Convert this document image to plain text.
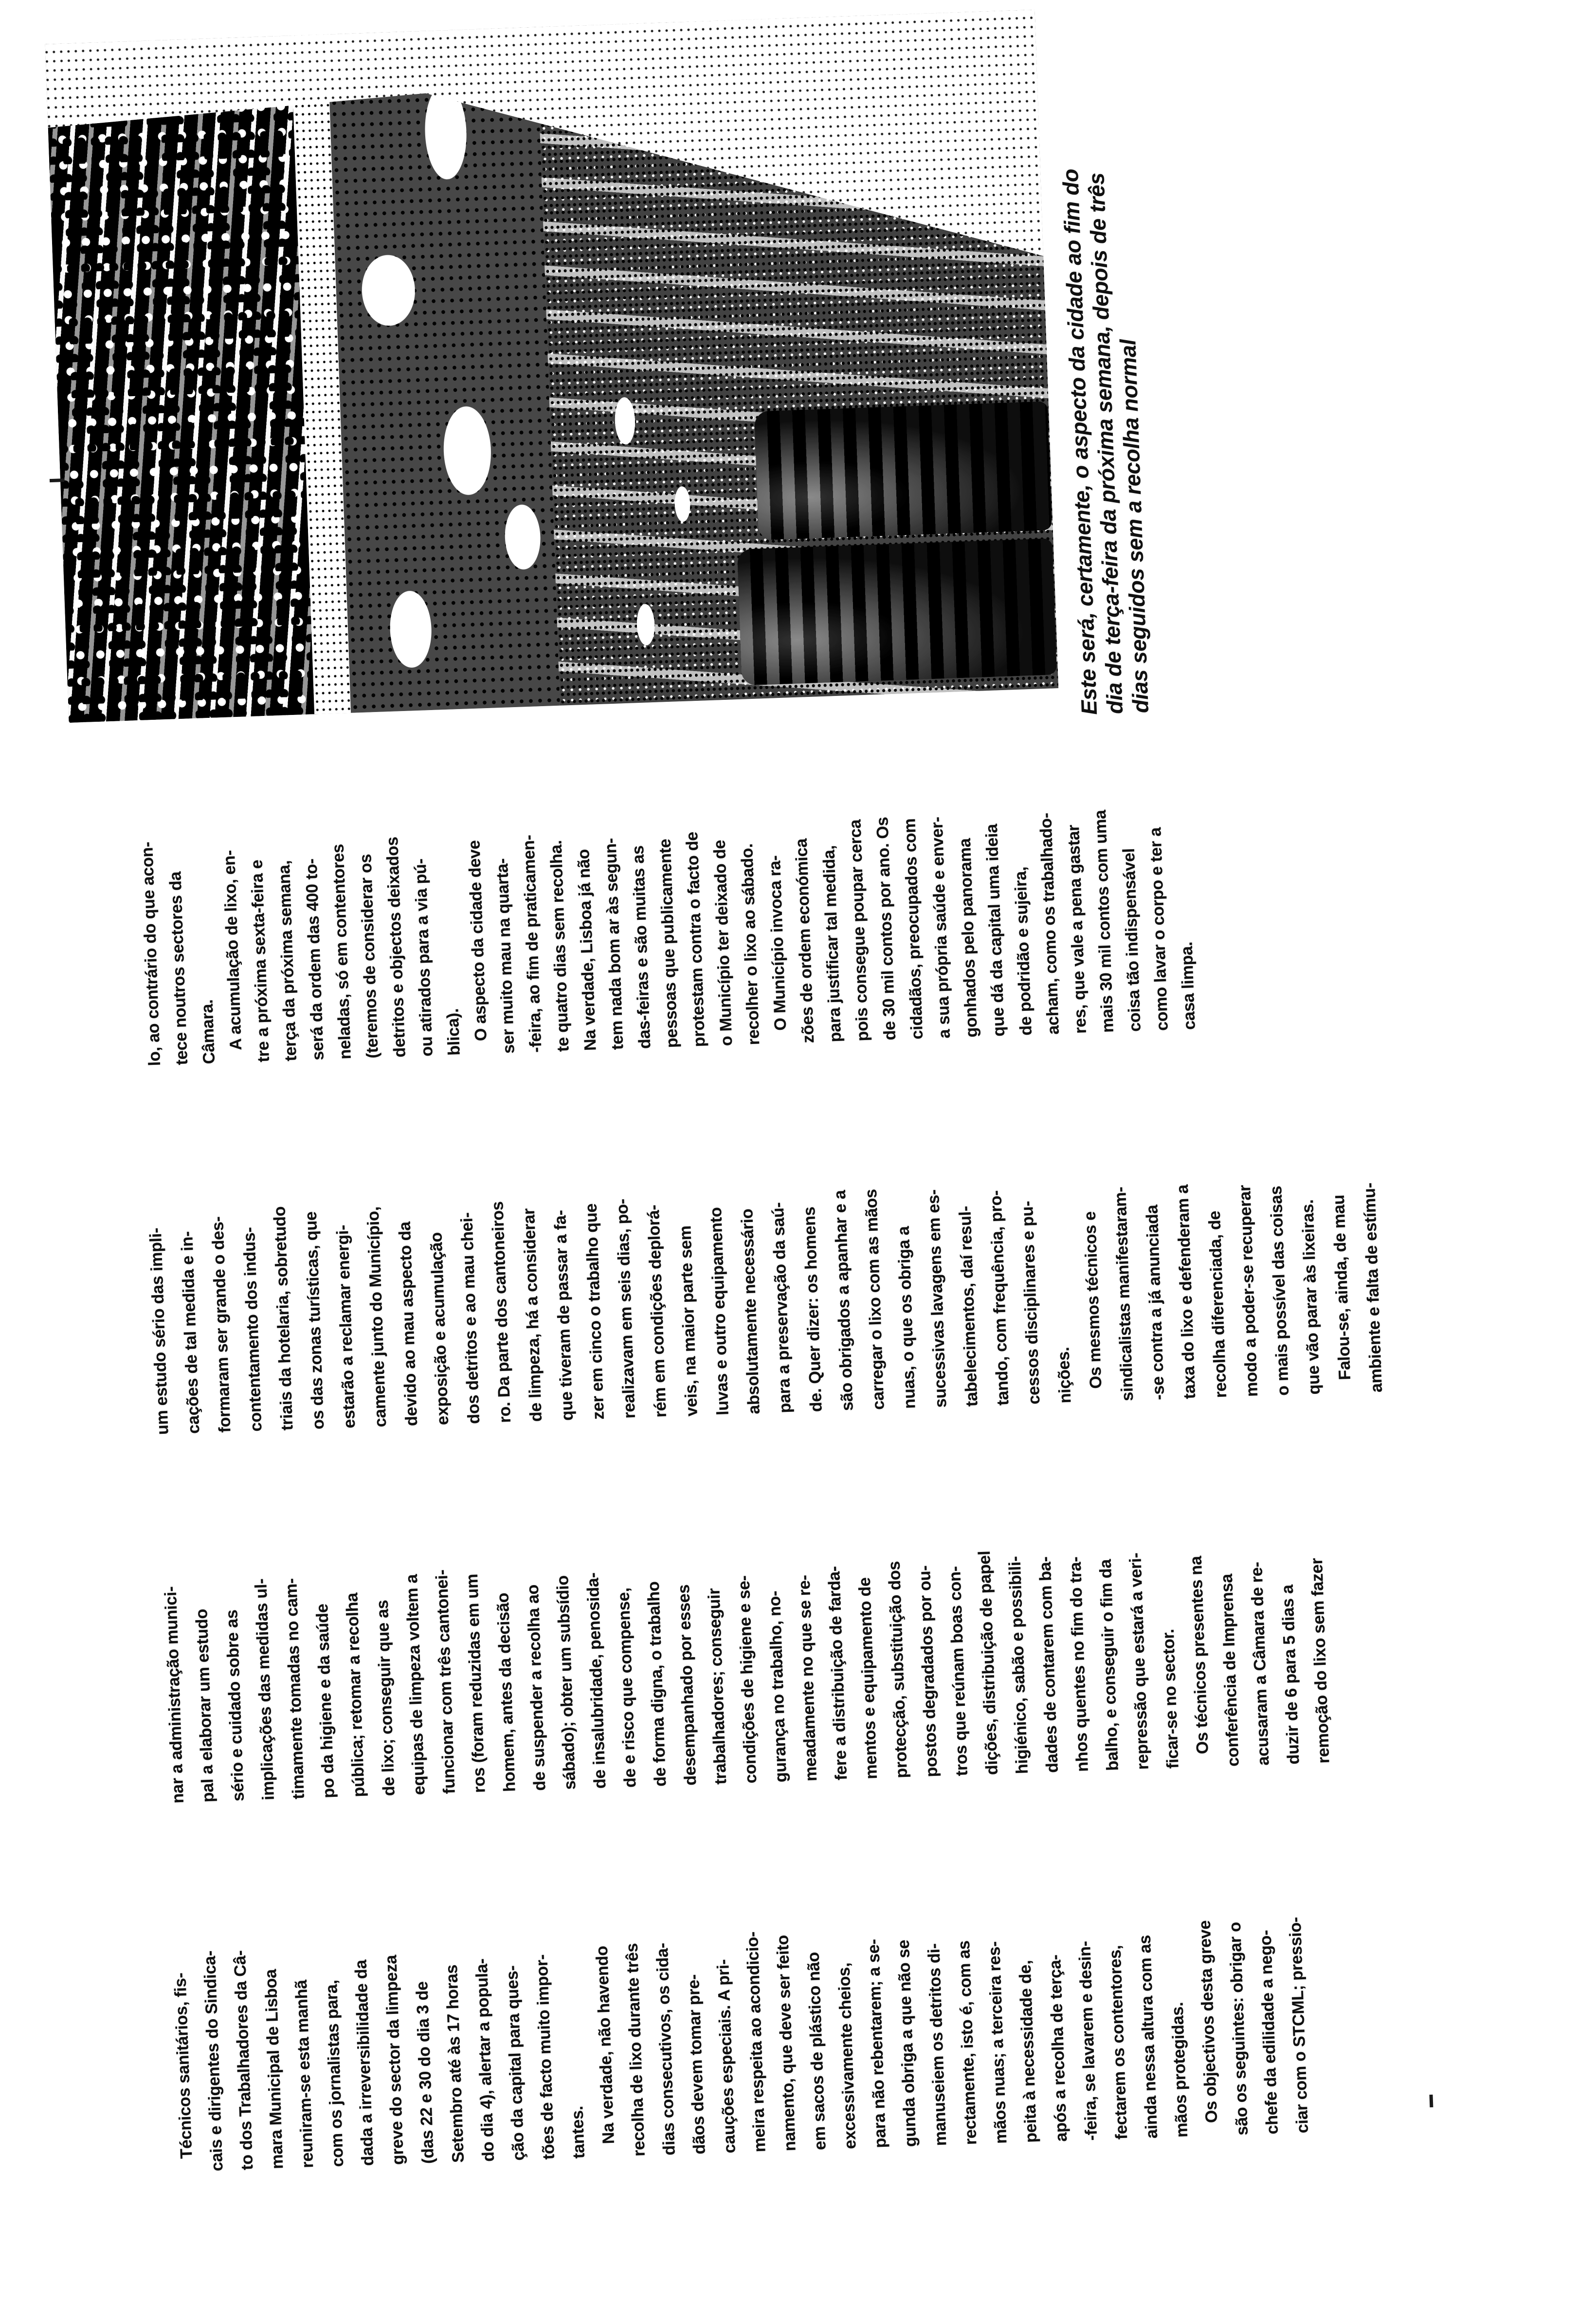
Técnicos sanitários, fis-
cais e dirigentes do Sindica-
to dos Trabalhadores da Câ-
mara Municipal de Lisboa
reuniram-se esta manhã
com os jornalistas para,
dada a irreversibilidade da
greve do sector da limpeza
(das 22 e 30 do dia 3 de
Setembro até às 17 horas
do dia 4), alertar a popula-
ção da capital para ques-
tões de facto muito impor-
tantes.
Na verdade, não havendo
recolha de lixo durante três
dias consecutivos, os cida-
dãos devem tomar pre-
cauções especiais. A pri-
meira respeita ao acondicio-
namento, que deve ser feito
em sacos de plástico não
excessivamente cheios,
para não rebentarem; a se-
gunda obriga a que não se
manuseiem os detritos di-
rectamente, isto é, com as
mãos nuas; a terceira res-
peita à necessidade de,
após a recolha de terça-
-feira, se lavarem e desin-
fectarem os contentores,
ainda nessa altura com as
mãos protegidas.
Os objectivos desta greve
são os seguintes: obrigar o
chefe da edilidade a nego-
ciar com o STCML; pressio-
nar a administração munici-
pal a elaborar um estudo
sério e cuidado sobre as
implicações das medidas ul-
timamente tomadas no cam-
po da higiene e da saúde
pública; retomar a recolha
de lixo; conseguir que as
equipas de limpeza voltem a
funcionar com três cantonei-
ros (foram reduzidas em um
homem, antes da decisão
de suspender a recolha ao
sábado); obter um subsídio
de insalubridade, penosida-
de e risco que compense,
de forma digna, o trabalho
desempanhado por esses
trabalhadores; conseguir
condições de higiene e se-
gurança no trabalho, no-
meadamente no que se re-
fere a distribuição de farda-
mentos e equipamento de
protecção, substituição dos
postos degradados por ou-
tros que reúnam boas con-
dições, distribuição de papel
higiénico, sabão e possibili-
dades de contarem com ba-
nhos quentes no fim do tra-
balho, e conseguir o fim da
repressão que estará a veri-
ficar-se no sector.
Os técnicos presentes na
conferência de Imprensa
acusaram a Câmara de re-
duzir de 6 para 5 dias a
remoção do lixo sem fazer
um estudo sério das impli-
cações de tal medida e in-
formaram ser grande o des-
contentamento dos indus-
triais da hotelaria, sobretudo
os das zonas turísticas, que
estarão a reclamar energi-
camente junto do Município,
devido ao mau aspecto da
exposição e acumulação
dos detritos e ao mau chei-
ro. Da parte dos cantoneiros
de limpeza, há a considerar
que tiveram de passar a fa-
zer em cinco o trabalho que
realizavam em seis dias, po-
rém em condições deplorá-
veis, na maior parte sem
luvas e outro equipamento
absolutamente necessário
para a preservação da saú-
de. Quer dizer: os homens
são obrigados a apanhar e a
carregar o lixo com as mãos
nuas, o que os obriga a
sucessivas lavagens em es-
tabelecimentos, daí resul-
tando, com frequência, pro-
cessos disciplinares e pu-
nições.
Os mesmos técnicos e
sindicalistas manifestaram-
-se contra a já anunciada
taxa do lixo e defenderam a
recolha diferenciada, de
modo a poder-se recuperar
o mais possível das coisas
que vão parar às lixeiras.
Falou-se, ainda, de mau
ambiente e falta de estímu-
lo, ao contrário do que acon-
tece noutros sectores da
Câmara.
A acumulação de lixo, en-
tre a próxima sexta-feira e
terça da próxima semana,
será da ordem das 400 to-
neladas, só em contentores
(teremos de considerar os
detritos e objectos deixados
ou atirados para a via pú-
blica).
O aspecto da cidade deve
ser muito mau na quarta-
-feira, ao fim de praticamen-
te quatro dias sem recolha.
Na verdade, Lisboa já não
tem nada bom ar às segun-
das-feiras e são muitas as
pessoas que publicamente
protestam contra o facto de
o Município ter deixado de
recolher o lixo ao sábado.
O Município invoca ra-
zões de ordem económica
para justificar tal medida,
pois consegue poupar cerca
de 30 mil contos por ano. Os
cidadãos, preocupados com
a sua própria saúde e enver-
gonhados pelo panorama
que dá da capital uma ideia
de podridão e sujeira,
acham, como os trabalhado-
res, que vale a pena gastar
mais 30 mil contos com uma
coisa tão indispensável
como lavar o corpo e ter a
casa limpa.
Este será, certamente, o aspecto da cidade ao fim do
dia de terça-feira da próxima semana, depois de três
dias seguidos sem a recolha normal
